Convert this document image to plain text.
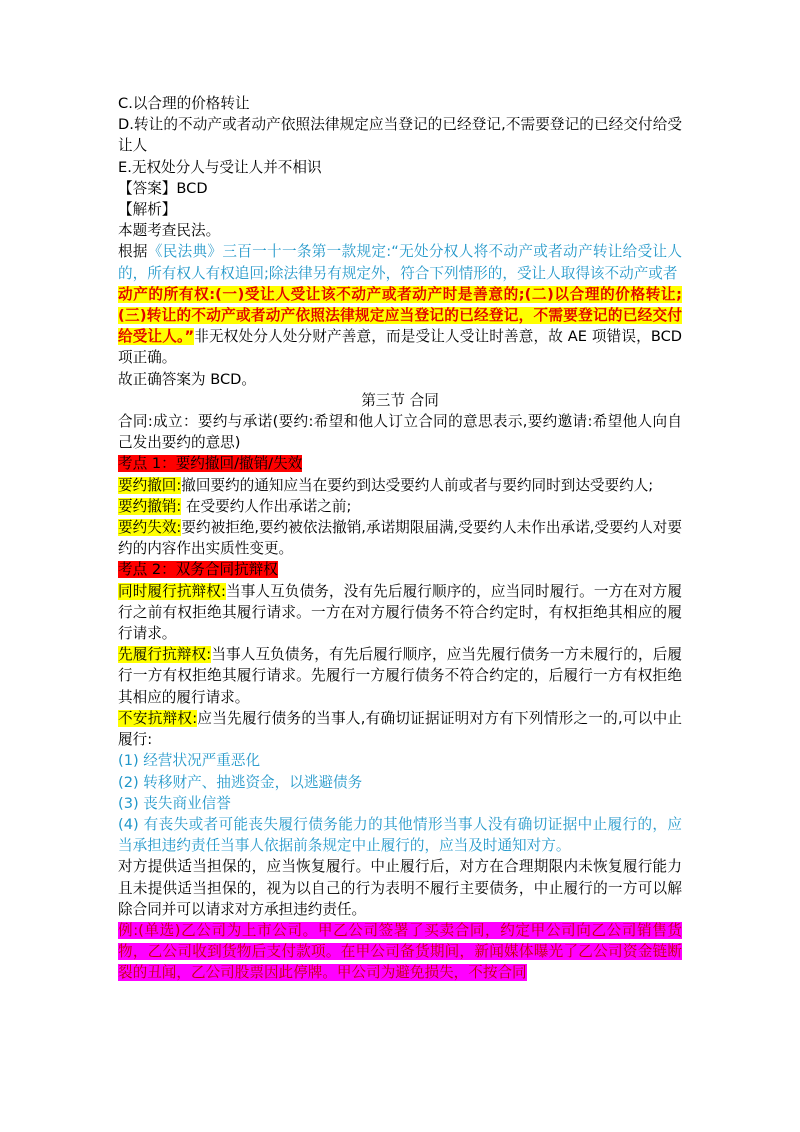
C.以合理的价格转让

D.转让的不动产或者动产依照法律规定应当登记的已经登记,不需要登记的已经交付给受让人

E.无权处分人与受让人并不相识

【答案】BCD

【解析】

本题考查民法。

根据《民法典》三百一十一条第一款规定:“无处分权人将不动产或者动产转让给受让人的，所有权人有权追回;除法律另有规定外，符合下列情形的，受让人取得该不动产或者

动产的所有权:(一)受让人受让该不动产或者动产时是善意的;(二)以合理的价格转让;(三)转让的不动产或者动产依照法律规定应当登记的已经登记，不需要登记的已经交付给受让人。”非无权处分人处分财产善意，而是受让人受让时善意，故 AE 项错误，BCD 项正确。

故正确答案为 BCD。

第三节 合同

合同:成立：要约与承诺(要约:希望和他人订立合同的意思表示,要约邀请:希望他人向自己发出要约的意思)

考点 1：要约撤回/撤销/失效

要约撤回:撤回要约的通知应当在要约到达受要约人前或者与要约同时到达受要约人;

要约撤销: 在受要约人作出承诺之前;

要约失效:要约被拒绝,要约被依法撤销,承诺期限届满,受要约人未作出承诺,受要约人对要约的内容作出实质性变更。

考点 2：双务合同抗辩权

同时履行抗辩权:当事人互负债务，没有先后履行顺序的，应当同时履行。一方在对方履行之前有权拒绝其履行请求。一方在对方履行债务不符合约定时，有权拒绝其相应的履行请求。

先履行抗辩权:当事人互负债务，有先后履行顺序，应当先履行债务一方未履行的，后履行一方有权拒绝其履行请求。先履行一方履行债务不符合约定的，后履行一方有权拒绝其相应的履行请求。

不安抗辩权:应当先履行债务的当事人,有确切证据证明对方有下列情形之一的,可以中止履行:

(1) 经营状况严重恶化

(2) 转移财产、抽逃资金，以逃避债务

(3) 丧失商业信誉

(4) 有丧失或者可能丧失履行债务能力的其他情形当事人没有确切证据中止履行的，应当承担违约责任当事人依据前条规定中止履行的，应当及时通知对方。

对方提供适当担保的，应当恢复履行。中止履行后，对方在合理期限内未恢复履行能力且未提供适当担保的，视为以自己的行为表明不履行主要债务，中止履行的一方可以解除合同并可以请求对方承担违约责任。

例:(单选)乙公司为上市公司。甲乙公司签署了买卖合同，约定甲公司向乙公司销售货物，乙公司收到货物后支付款项。在甲公司备货期间，新闻媒体曝光了乙公司资金链断裂的丑闻，乙公司股票因此停牌。甲公司为避免损失，不按合同
